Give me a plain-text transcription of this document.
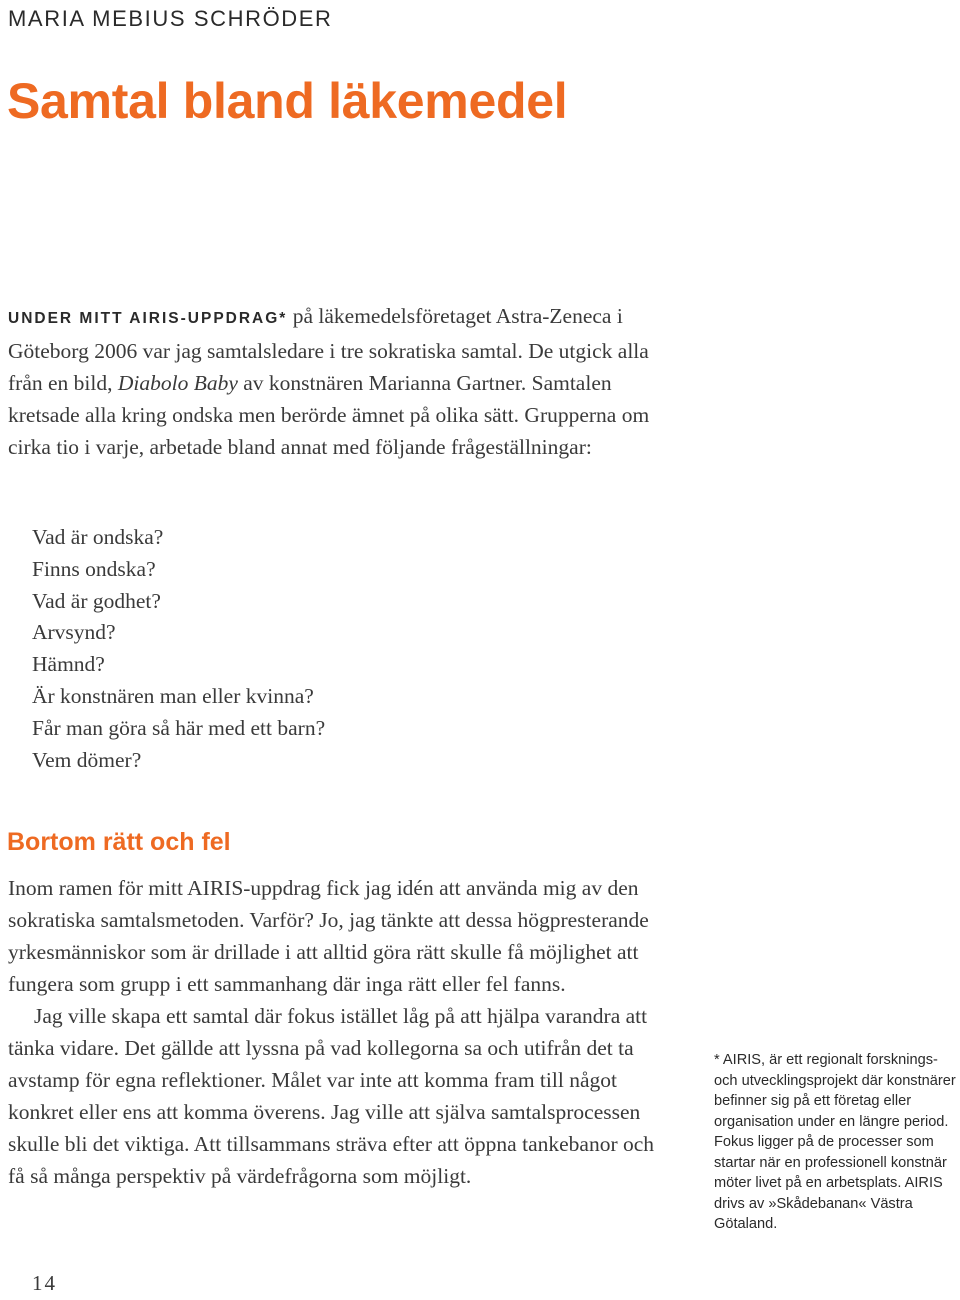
MARIA MEBIUS SCHRÖDER
Samtal bland läkemedel

UNDER MITT AIRIS-UPPDRAG* på läkemedelsföretaget Astra-Zeneca i Göteborg 2006 var jag samtalsledare i tre sokratiska samtal. De utgick alla från en bild, Diabolo Baby av konstnären Marianna Gartner. Samtalen kretsade alla kring ondska men berörde ämnet på olika sätt. Grupperna om cirka tio i varje, arbetade bland annat med följande frågeställningar:

Vad är ondska?
Finns ondska?
Vad är godhet?
Arvsynd?
Hämnd?
Är konstnären man eller kvinna?
Får man göra så här med ett barn?
Vem dömer?
Bortom rätt och fel

Inom ramen för mitt AIRIS-uppdrag fick jag idén att använda mig av den sokratiska samtalsmetoden. Varför? Jo, jag tänkte att dessa högpresterande yrkesmänniskor som är drillade i att alltid göra rätt skulle få möjlighet att fungera som grupp i ett sammanhang där inga rätt eller fel fanns.

Jag ville skapa ett samtal där fokus istället låg på att hjälpa varandra att tänka vidare. Det gällde att lyssna på vad kollegorna sa och utifrån det ta avstamp för egna reflektioner. Målet var inte att komma fram till något konkret eller ens att komma överens. Jag ville att själva samtalsprocessen skulle bli det viktiga. Att tillsammans sträva efter att öppna tankebanor och få så många perspektiv på värdefrågorna som möjligt.

* AIRIS, är ett regionalt forsknings- och utvecklingsprojekt där konstnärer befinner sig på ett företag eller organisation under en längre period. Fokus ligger på de processer som startar när en professionell konstnär möter livet på en arbetsplats. AIRIS drivs av »Skådebanan« Västra Götaland.

14
